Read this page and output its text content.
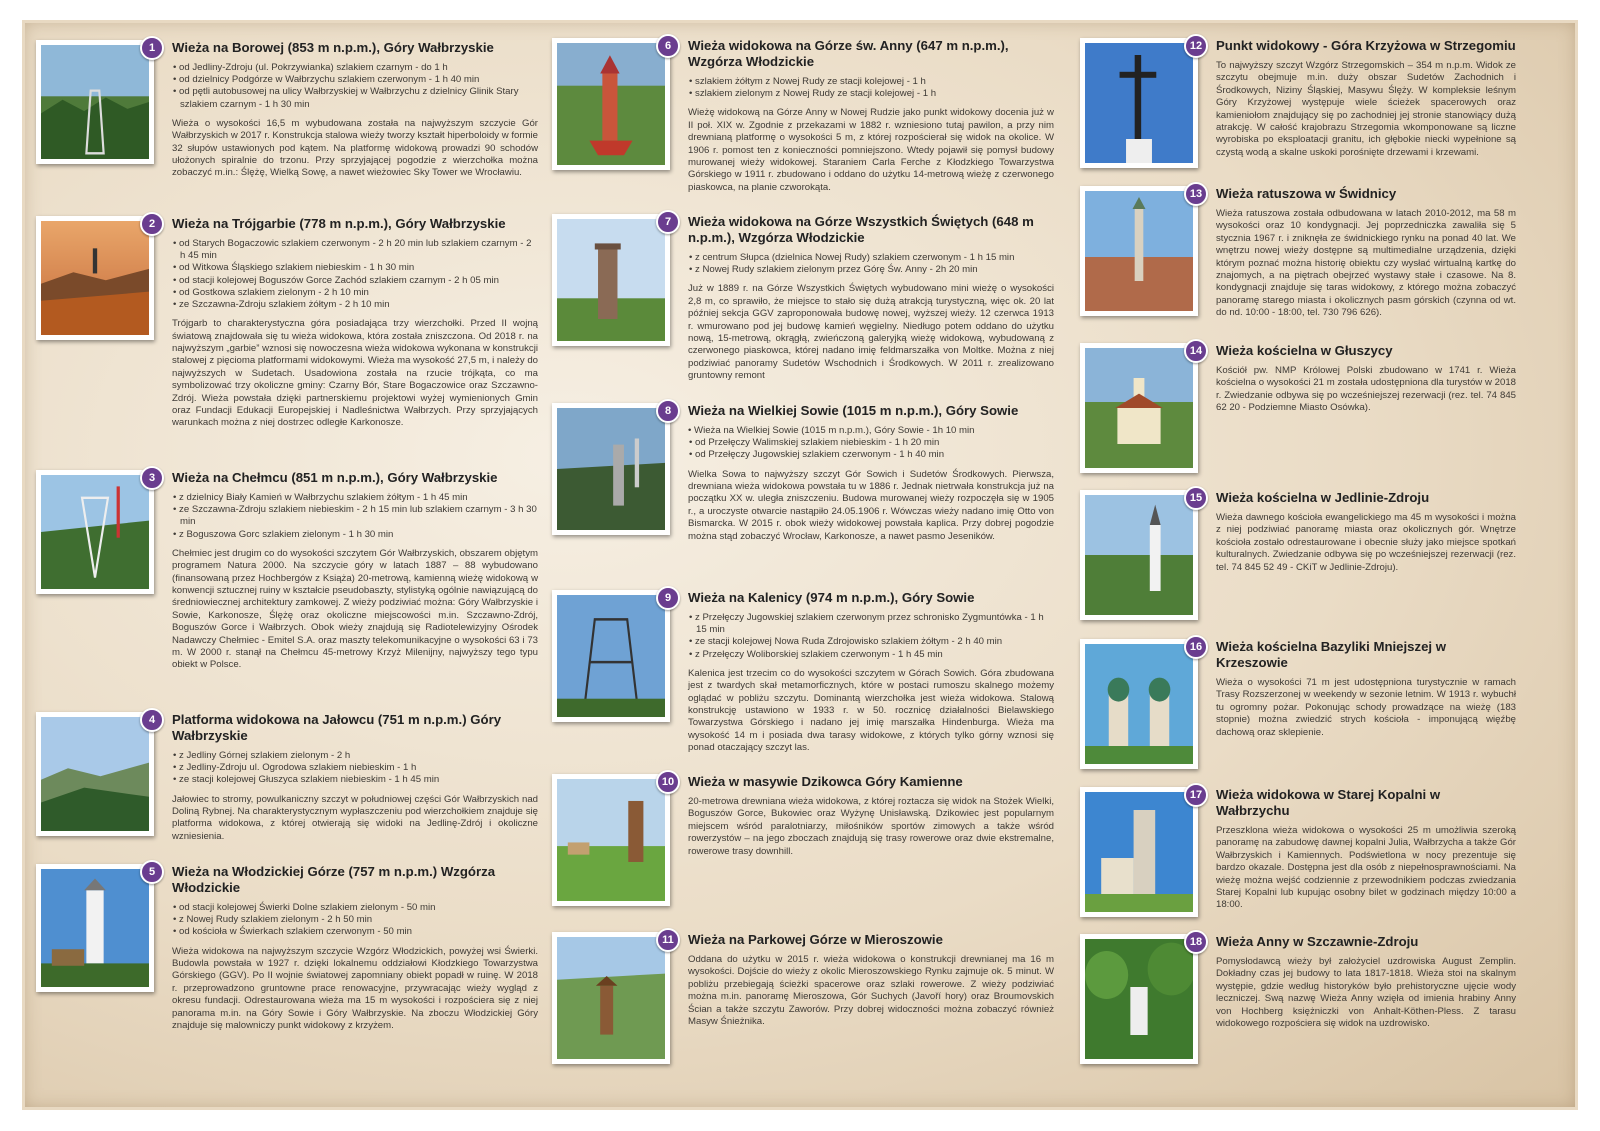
1	Wieża na Borowej (853 m n.p.m.), Góry Wałbrzyskie
• od Jedliny-Zdroju (ul. Pokrzywianka) szlakiem czarnym - do 1 h
• od dzielnicy Podgórze w Wałbrzychu szlakiem czerwonym - 1 h 40 min
• od pętli autobusowej na ulicy Wałbrzyskiej w Wałbrzychu z dzielnicy Glinik Stary szlakiem czarnym - 1 h 30 min

Wieża o wysokości 16,5 m wybudowana została na najwyższym szczycie Gór Wałbrzyskich w 2017 r. Konstrukcja stalowa wieży tworzy kształt hiperboloidy w formie 32 słupów ustawionych pod kątem. Na platformę widokową prowadzi 90 schodów ułożonych spiralnie do trzonu. Przy sprzyjającej pogodzie z wierzchołka można zobaczyć m.in.: Ślężę, Wielką Sowę, a nawet wieżowiec Sky Tower we Wrocławiu.

2	Wieża na Trójgarbie (778 m n.p.m.), Góry Wałbrzyskie
• od Starych Bogaczowic szlakiem czerwonym - 2 h 20 min lub szlakiem czarnym - 2 h 45 min
• od Witkowa Śląskiego szlakiem niebieskim - 1 h 30 min
• od stacji kolejowej Boguszów Gorce Zachód szlakiem czarnym - 2 h 05 min
• od Gostkowa szlakiem zielonym - 2 h 10 min
• ze Szczawna-Zdroju szlakiem żółtym - 2 h 10 min

Trójgarb to charakterystyczna góra posiadająca trzy wierzchołki. Przed II wojną światową znajdowała się tu wieża widokowa, która została zniszczona. Od 2018 r. na najwyższym „garbie” wznosi się nowoczesna wieża widokowa wykonana w konstrukcji stalowej z pięcioma platformami widokowymi. Wieża ma wysokość 27,5 m, i należy do najwyższych w Sudetach. Usadowiona została na rzucie trójkąta, co ma symbolizować trzy okoliczne gminy: Czarny Bór, Stare Bogaczowice oraz Szczawno-Zdrój. Wieża powstała dzięki partnerskiemu projektowi wyżej wymienionych Gmin oraz Fundacji Edukacji Europejskiej i Nadleśnictwa Wałbrzych. Przy sprzyjających warunkach można z niej dostrzec odległe Karkonosze.

3	Wieża na Chełmcu (851 m n.p.m.), Góry Wałbrzyskie
• z dzielnicy Biały Kamień w Wałbrzychu szlakiem żółtym - 1 h 45 min
• ze Szczawna-Zdroju szlakiem niebieskim - 2 h 15 min lub szlakiem czarnym - 3 h 30 min
• z Boguszowa Gorc szlakiem zielonym - 1 h 30 min

Chełmiec jest drugim co do wysokości szczytem Gór Wałbrzyskich, obszarem objętym programem Natura 2000. Na szczycie góry w latach 1887 – 88 wybudowano (finansowaną przez Hochbergów z Książa) 20-metrową, kamienną wieżę widokową w konwencji sztucznej ruiny w kształcie pseudobaszty, stylistyką ogólnie nawiązującą do średniowiecznej architektury zamkowej. Z wieży podziwiać można: Góry Wałbrzyskie i Sowie, Karkonosze, Ślężę oraz okoliczne miejscowości m.in. Szczawno-Zdrój, Boguszów Gorce i Wałbrzych. Obok wieży znajdują się Radiotelewizyjny Ośrodek Nadawczy Chełmiec - Emitel S.A. oraz maszty telekomunikacyjne o wysokości 63 i 73 m. W 2000 r. stanął na Chełmcu 45-metrowy Krzyż Milenijny, najwyższy tego typu obiekt w Polsce.

4	Platforma widokowa na Jałowcu (751 m n.p.m.) Góry Wałbrzyskie
• z Jedliny Górnej szlakiem zielonym - 2 h
• z Jedliny-Zdroju ul. Ogrodowa szlakiem niebieskim - 1 h
• ze stacji kolejowej Głuszyca szlakiem niebieskim - 1 h 45 min

Jałowiec to stromy, powulkaniczny szczyt w południowej części Gór Wałbrzyskich nad Doliną Rybnej. Na charakterystycznym wypłaszczeniu pod wierzchołkiem znajduje się platforma widokowa, z której otwierają się widoki na Jedlinę-Zdrój i okoliczne wzniesienia.

5	Wieża na Włodzickiej Górze (757 m n.p.m.) Wzgórza Włodzickie
• od stacji kolejowej Świerki Dolne szlakiem zielonym - 50 min
• z Nowej Rudy szlakiem zielonym - 2 h 50 min
• od kościoła w Świerkach szlakiem czerwonym - 50 min

Wieża widokowa na najwyższym szczycie Wzgórz Włodzickich, powyżej wsi Świerki. Budowla powstała w 1927 r. dzięki lokalnemu oddziałowi Kłodzkiego Towarzystwa Górskiego (GGV). Po II wojnie światowej zapomniany obiekt popadł w ruinę. W 2018 r. przeprowadzono gruntowne prace renowacyjne, przywracając wieży wygląd z okresu fundacji. Odrestaurowana wieża ma 15 m wysokości i rozpościera się z niej panorama m.in. na Góry Sowie i Góry Wałbrzyskie. Na zboczu Włodzickiej Góry znajduje się malowniczy punkt widokowy z krzyżem.

6	Wieża widokowa na Górze św. Anny (647 m n.p.m.), Wzgórza Włodzickie
• szlakiem żółtym z Nowej Rudy ze stacji kolejowej - 1 h
• szlakiem zielonym z Nowej Rudy ze stacji kolejowej - 1 h

Wieżę widokową na Górze Anny w Nowej Rudzie jako punkt widokowy docenia już w II poł. XIX w. Zgodnie z przekazami w 1882 r. wzniesiono tutaj pawilon, a przy nim drewnianą platformę o wysokości 5 m, z której rozpościerał się widok na okolice. W 1906 r. pomost ten z konieczności pomniejszono. Wtedy pojawił się pomysł budowy murowanej wieży widokowej. Staraniem Carla Ferche z Kłodzkiego Towarzystwa Górskiego w 1911 r. zbudowano i oddano do użytku 14-metrową wieżę z czerwonego piaskowca, na planie czworokąta.

7	Wieża widokowa na Górze Wszystkich Świętych (648 m n.p.m.), Wzgórza Włodzickie
• z centrum Słupca (dzielnica Nowej Rudy) szlakiem czerwonym - 1 h 15 min
• z Nowej Rudy szlakiem zielonym przez Górę Św. Anny - 2h 20 min

Już w 1889 r. na Górze Wszystkich Świętych wybudowano mini wieżę o wysokości 2,8 m, co sprawiło, że miejsce to stało się dużą atrakcją turystyczną, więc ok. 20 lat później sekcja GGV zaproponowała budowę nowej, wyższej wieży. 12 czerwca 1913 r. wmurowano pod jej budowę kamień węgielny. Niedługo potem oddano do użytku nową, 15-metrową, okrągłą, zwieńczoną galeryjką wieżę widokową, wybudowaną z czerwonego piaskowca, której nadano imię feldmarszałka von Moltke. Można z niej podziwiać panoramy Sudetów Wschodnich i Środkowych. W 2011 r. zrealizowano gruntowny remont

8	Wieża na Wielkiej Sowie (1015 m n.p.m.), Góry Sowie
• Wieża na Wielkiej Sowie (1015 m n.p.m.), Góry Sowie - 1h 10 min
• od Przełęczy Walimskiej szlakiem niebieskim - 1 h 20 min
• od Przełęczy Jugowskiej szlakiem czerwonym - 1 h 40 min

Wielka Sowa to najwyższy szczyt Gór Sowich i Sudetów Środkowych. Pierwsza, drewniana wieża widokowa powstała tu w 1886 r. Jednak nietrwała konstrukcja już na początku XX w. uległa zniszczeniu. Budowa murowanej wieży rozpoczęła się w 1905 r., a uroczyste otwarcie nastąpiło 24.05.1906 r. Wówczas wieży nadano imię Otto von Bismarcka. W 2015 r. obok wieży widokowej powstała kaplica. Przy dobrej pogodzie można stąd zobaczyć Wrocław, Karkonosze, a nawet pasmo Jeseników.

9	Wieża na Kalenicy (974 m n.p.m.), Góry Sowie
• z Przełęczy Jugowskiej szlakiem czerwonym przez schronisko Zygmuntówka - 1 h 15 min
• ze stacji kolejowej Nowa Ruda Zdrojowisko szlakiem żółtym - 2 h 40 min
• z Przełęczy Woliborskiej szlakiem czerwonym - 1 h 45 min

Kalenica jest trzecim co do wysokości szczytem w Górach Sowich. Góra zbudowana jest z twardych skał metamorficznych, które w postaci rumoszu skalnego możemy oglądać w pobliżu szczytu. Dominantą wierzchołka jest wieża widokowa. Stalową konstrukcję ustawiono w 1933 r. w 50. rocznicę działalności Bielawskiego Towarzystwa Górskiego i nadano jej imię marszałka Hindenburga. Wieża ma wysokość 14 m i posiada dwa tarasy widokowe, z których tylko górny wznosi się ponad otaczający szczyt las.

10	Wieża w masywie Dzikowca Góry Kamienne

20-metrowa drewniana wieża widokowa, z której roztacza się widok na Stożek Wielki, Boguszów Gorce, Bukowiec oraz Wyżynę Unisławską. Dzikowiec jest popularnym miejscem wśród paralotniarzy, miłośników sportów zimowych a także wśród rowerzystów – na jego zboczach znajdują się trasy rowerowe oraz dwie ekstremalne, rowerowe trasy downhill.

11	Wieża na Parkowej Górze w Mieroszowie

Oddana do użytku w 2015 r. wieża widokowa o konstrukcji drewnianej ma 16 m wysokości. Dojście do wieży z okolic Mieroszowskiego Rynku zajmuje ok. 5 minut. W pobliżu przebiegają ścieżki spacerowe oraz szlaki rowerowe. Z wieży podziwiać można m.in. panoramę Mieroszowa, Gór Suchych (Javoří hory) oraz Broumovskich Ścian a także szczytu Zaworów. Przy dobrej widoczności można zobaczyć również Masyw Śnieżnika.

12	Punkt widokowy - Góra Krzyżowa w Strzegomiu

To najwyższy szczyt Wzgórz Strzegomskich – 354 m n.p.m. Widok ze szczytu obejmuje m.in. duży obszar Sudetów Zachodnich i Środkowych, Niziny Śląskiej, Masywu Ślęży. W kompleksie leśnym Góry Krzyżowej występuje wiele ścieżek spacerowych oraz kamieniołom znajdujący się po zachodniej jej stronie stanowiący dużą atrakcję. W całość krajobrazu Strzegomia wkomponowane są liczne wyrobiska po eksploatacji granitu, ich głębokie niecki wypełnione są czystą wodą a skalne uskoki porośnięte drzewami i krzewami.

13	Wieża ratuszowa w Świdnicy

Wieża ratuszowa została odbudowana w latach 2010-2012, ma 58 m wysokości oraz 10 kondygnacji. Jej poprzedniczka zawaliła się 5 stycznia 1967 r. i zniknęła ze świdnickiego rynku na ponad 40 lat. We wnętrzu nowej wieży dostępne są multimedialne urządzenia, dzięki którym poznać można historię obiektu czy wysłać wirtualną kartkę do znajomych, a na piętrach obejrzeć wystawy stałe i czasowe. Na 8. kondygnacji znajduje się taras widokowy, z którego można zobaczyć panoramę starego miasta i okolicznych pasm górskich (czynna od wt. do nd. 10:00 - 18:00, tel. 730 796 626).

14	Wieża kościelna w Głuszycy

Kościół pw. NMP Królowej Polski zbudowano w 1741 r. Wieża kościelna o wysokości 21 m została udostępniona dla turystów w 2018 r. Zwiedzanie odbywa się po wcześniejszej rezerwacji (rez. tel. 74 845 62 20 - Podziemne Miasto Osówka).

15	Wieża kościelna w Jedlinie-Zdroju

Wieża dawnego kościoła ewangelickiego ma 45 m wysokości i można z niej podziwiać panoramę miasta oraz okolicznych gór. Wnętrze kościoła zostało odrestaurowane i obecnie służy jako miejsce spotkań kulturalnych. Zwiedzanie odbywa się po wcześniejszej rezerwacji (rez. tel. 74 845 52 49 - CKiT w Jedlinie-Zdroju).

16	Wieża kościelna Bazyliki Mniejszej w Krzeszowie

Wieża o wysokości 71 m jest udostępniona turystycznie w ramach Trasy Rozszerzonej w weekendy w sezonie letnim. W 1913 r. wybuchł tu ogromny pożar. Pokonując schody prowadzące na wieżę (183 stopnie) można zwiedzić strych kościoła - imponującą więźbę dachową oraz sklepienie.

17	Wieża widokowa w Starej Kopalni w Wałbrzychu

Przeszklona wieża widokowa o wysokości 25 m umożliwia szeroką panoramę na zabudowę dawnej kopalni Julia, Wałbrzycha a także Gór Wałbrzyskich i Kamiennych. Podświetlona w nocy prezentuje się bardzo okazale. Dostępna jest dla osób z niepełnosprawnościami. Na wieżę można wejść codziennie z przewodnikiem podczas zwiedzania Starej Kopalni lub kupując osobny bilet w godzinach między 10:00 a 18:00.

18	Wieża Anny w Szczawnie-Zdroju

Pomysłodawcą wieży był założyciel uzdrowiska August Zemplin. Dokładny czas jej budowy to lata 1817-1818. Wieża stoi na skalnym występie, gdzie według historyków było prehistoryczne ujęcie wody leczniczej. Swą nazwę Wieża Anny wzięła od imienia hrabiny Anny von Hochberg księżniczki von Anhalt-Köthen-Pless. Z tarasu widokowego rozpościera się widok na uzdrowisko.
